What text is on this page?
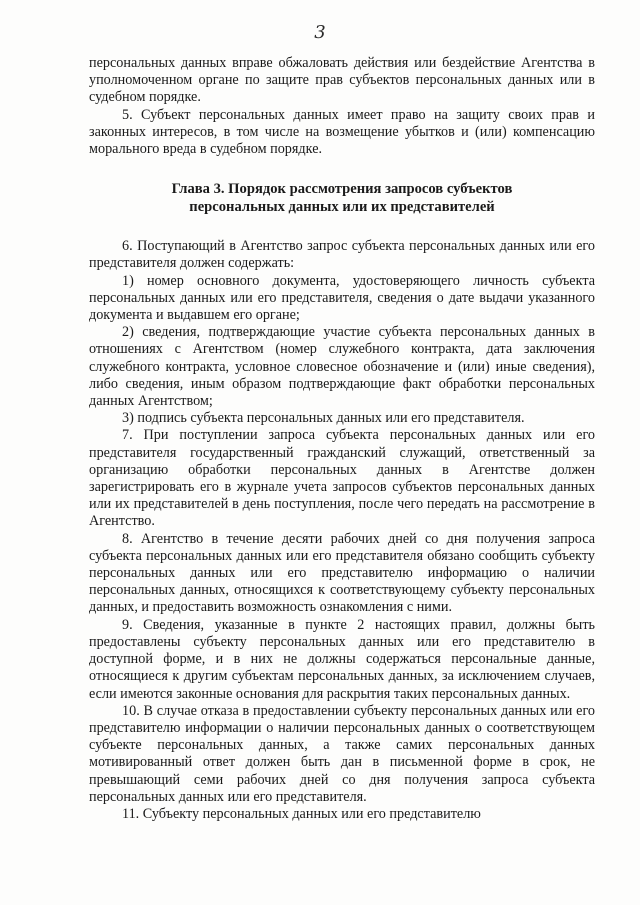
3

персональных данных вправе обжаловать действия или бездействие Агентства в уполномоченном органе по защите прав субъектов персональных данных или в судебном порядке.

5. Субъект персональных данных имеет право на защиту своих прав и законных интересов, в том числе на возмещение убытков и (или) компенсацию морального вреда в судебном порядке.

Глава 3. Порядок рассмотрения запросов субъектов
персональных данных или их представителей

6. Поступающий в Агентство запрос субъекта персональных данных или его представителя должен содержать:

1) номер основного документа, удостоверяющего личность субъекта персональных данных или его представителя, сведения о дате выдачи указанного документа и выдавшем его органе;

2) сведения, подтверждающие участие субъекта персональных данных в отношениях с Агентством (номер служебного контракта, дата заключения служебного контракта, условное словесное обозначение и (или) иные сведения), либо сведения, иным образом подтверждающие факт обработки персональных данных Агентством;

3) подпись субъекта персональных данных или его представителя.

7. При поступлении запроса субъекта персональных данных или его представителя государственный гражданский служащий, ответственный за организацию обработки персональных данных в Агентстве должен зарегистрировать его в журнале учета запросов субъектов персональных данных или их представителей в день поступления, после чего передать на рассмотрение в Агентство.

8. Агентство в течение десяти рабочих дней со дня получения запроса субъекта персональных данных или его представителя обязано сообщить субъекту персональных данных или его представителю информацию о наличии персональных данных, относящихся к соответствующему субъекту персональных данных, и предоставить возможность ознакомления с ними.

9. Сведения, указанные в пункте 2 настоящих правил, должны быть предоставлены субъекту персональных данных или его представителю в доступной форме, и в них не должны содержаться персональные данные, относящиеся к другим субъектам персональных данных, за исключением случаев, если имеются законные основания для раскрытия таких персональных данных.

10. В случае отказа в предоставлении субъекту персональных данных или его представителю информации о наличии персональных данных о соответствующем субъекте персональных данных, а также самих персональных данных мотивированный ответ должен быть дан в письменной форме в срок, не превышающий семи рабочих дней со дня получения запроса субъекта персональных данных или его представителя.

11. Субъекту персональных данных или его представителю
